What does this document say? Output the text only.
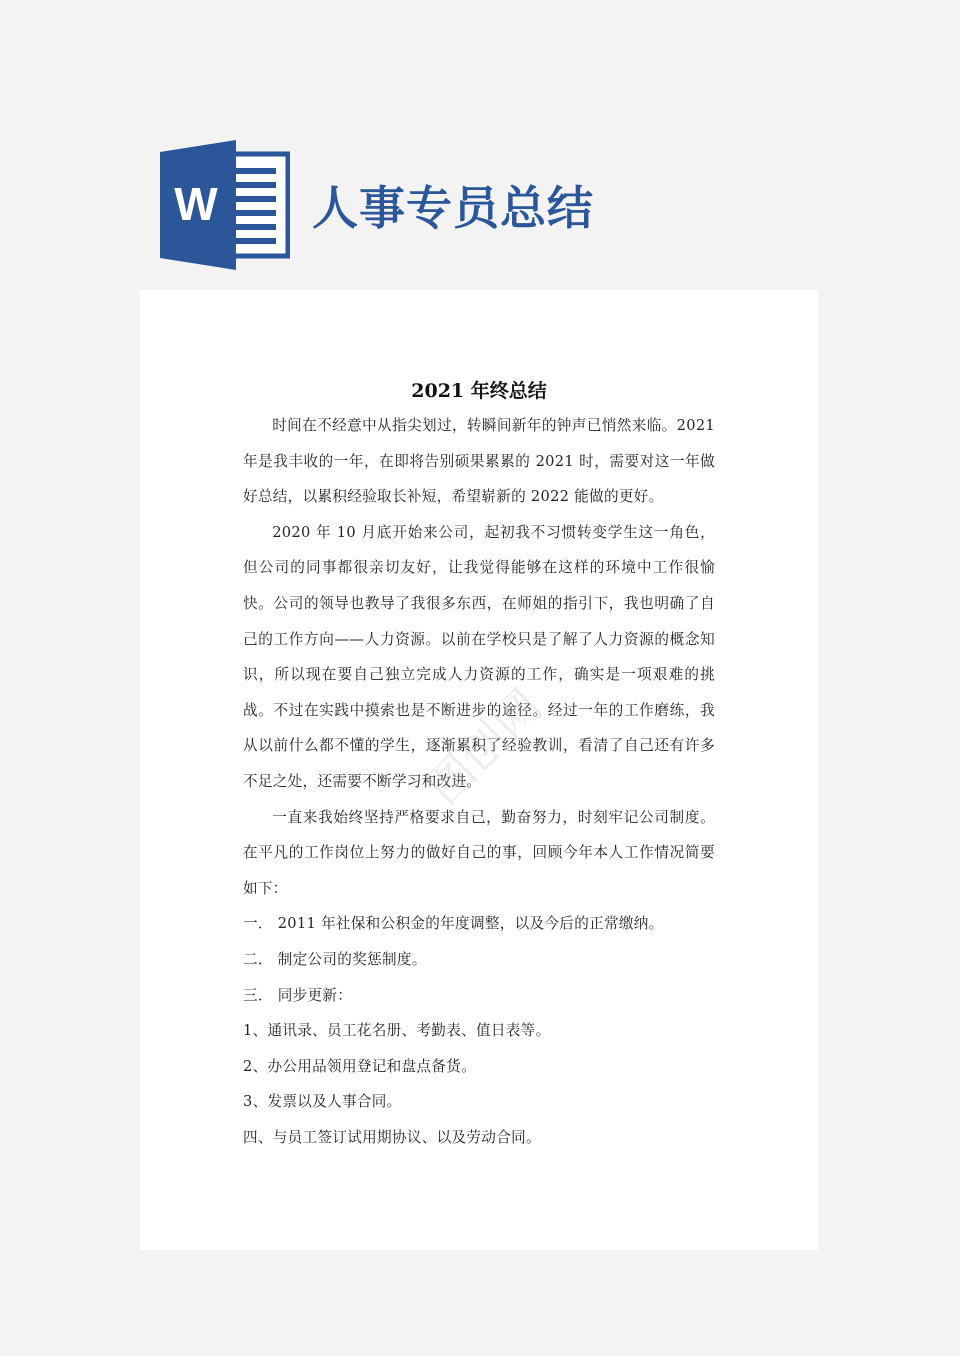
W 人事专员总结
2021 年终总结

时间在不经意中从指尖划过，转瞬间新年的钟声已悄然来临。2021 年是我丰收的一年，在即将告别硕果累累的 2021 时，需要对这一年做好总结，以累积经验取长补短，希望崭新的 2022 能做的更好。

2020 年 10 月底开始来公司，起初我不习惯转变学生这一角色，但公司的同事都很亲切友好，让我觉得能够在这样的环境中工作很愉快。公司的领导也教导了我很多东西，在师姐的指引下，我也明确了自己的工作方向——人力资源。以前在学校只是了解了人力资源的概念知识，所以现在要自己独立完成人力资源的工作，确实是一项艰难的挑战。不过在实践中摸索也是不断进步的途径。经过一年的工作磨练，我从以前什么都不懂的学生，逐渐累积了经验教训，看清了自己还有许多不足之处，还需要不断学习和改进。

一直来我始终坚持严格要求自己，勤奋努力，时刻牢记公司制度。在平凡的工作岗位上努力的做好自己的事，回顾今年本人工作情况简要如下：

一． 2011 年社保和公积金的年度调整，以及今后的正常缴纳。

二． 制定公司的奖惩制度。

三． 同步更新：

1、通讯录、员工花名册、考勤表、值日表等。

2、办公用品领用登记和盘点备货。

3、发票以及人事合同。

四、与员工签订试用期协议、以及劳动合同。

图创网
